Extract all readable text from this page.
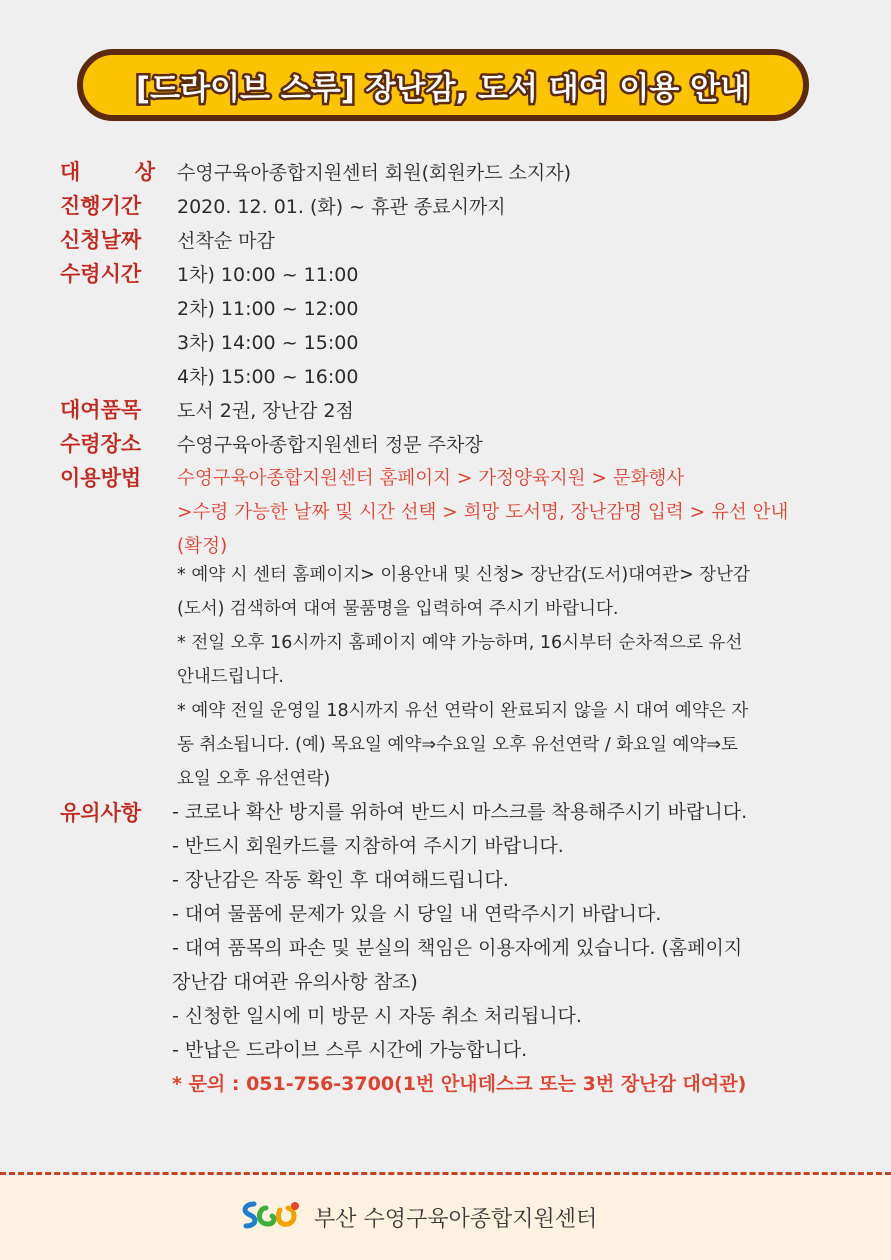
[드라이브 스루] 장난감, 도서 대여 이용 안내
대	상 수영구육아종합지원센터 회원(회원카드 소지자)
진행기간	2020. 12. 01. (화) ~ 휴관 종료시까지
신청날짜	선착순 마감
수령시간	1차) 10:00 ~ 11:00
2차) 11:00 ~ 12:00
3차) 14:00 ~ 15:00
4차) 15:00 ~ 16:00
대여품목	도서 2권, 장난감 2점
수령장소	수영구육아종합지원센터 정문 주차장
이용방법	수영구육아종합지원센터 홈페이지 > 가정양육지원 > 문화행사
>수령 가능한 날짜 및 시간 선택 > 희망 도서명, 장난감명 입력 > 유선 안내
(확정)
* 예약 시 센터 홈페이지> 이용안내 및 신청> 장난감(도서)대여관> 장난감
(도서) 검색하여 대여 물품명을 입력하여 주시기 바랍니다.
* 전일 오후 16시까지 홈페이지 예약 가능하며, 16시부터 순차적으로 유선
안내드립니다.
* 예약 전일 운영일 18시까지 유선 연락이 완료되지 않을 시 대여 예약은 자
동 취소됩니다. (예) 목요일 예약⇒수요일 오후 유선연락 / 화요일 예약⇒토
요일 오후 유선연락)
유의사항	- 코로나 확산 방지를 위하여 반드시 마스크를 착용해주시기 바랍니다.
- 반드시 회원카드를 지참하여 주시기 바랍니다.
- 장난감은 작동 확인 후 대여해드립니다.
- 대여 물품에 문제가 있을 시 당일 내 연락주시기 바랍니다.
- 대여 품목의 파손 및 분실의 책임은 이용자에게 있습니다. (홈페이지
장난감 대여관 유의사항 참조)
- 신청한 일시에 미 방문 시 자동 취소 처리됩니다.
- 반납은 드라이브 스루 시간에 가능합니다.
* 문의 : 051-756-3700(1번 안내데스크 또는 3번 장난감 대여관)
부산 수영구육아종합지원센터
